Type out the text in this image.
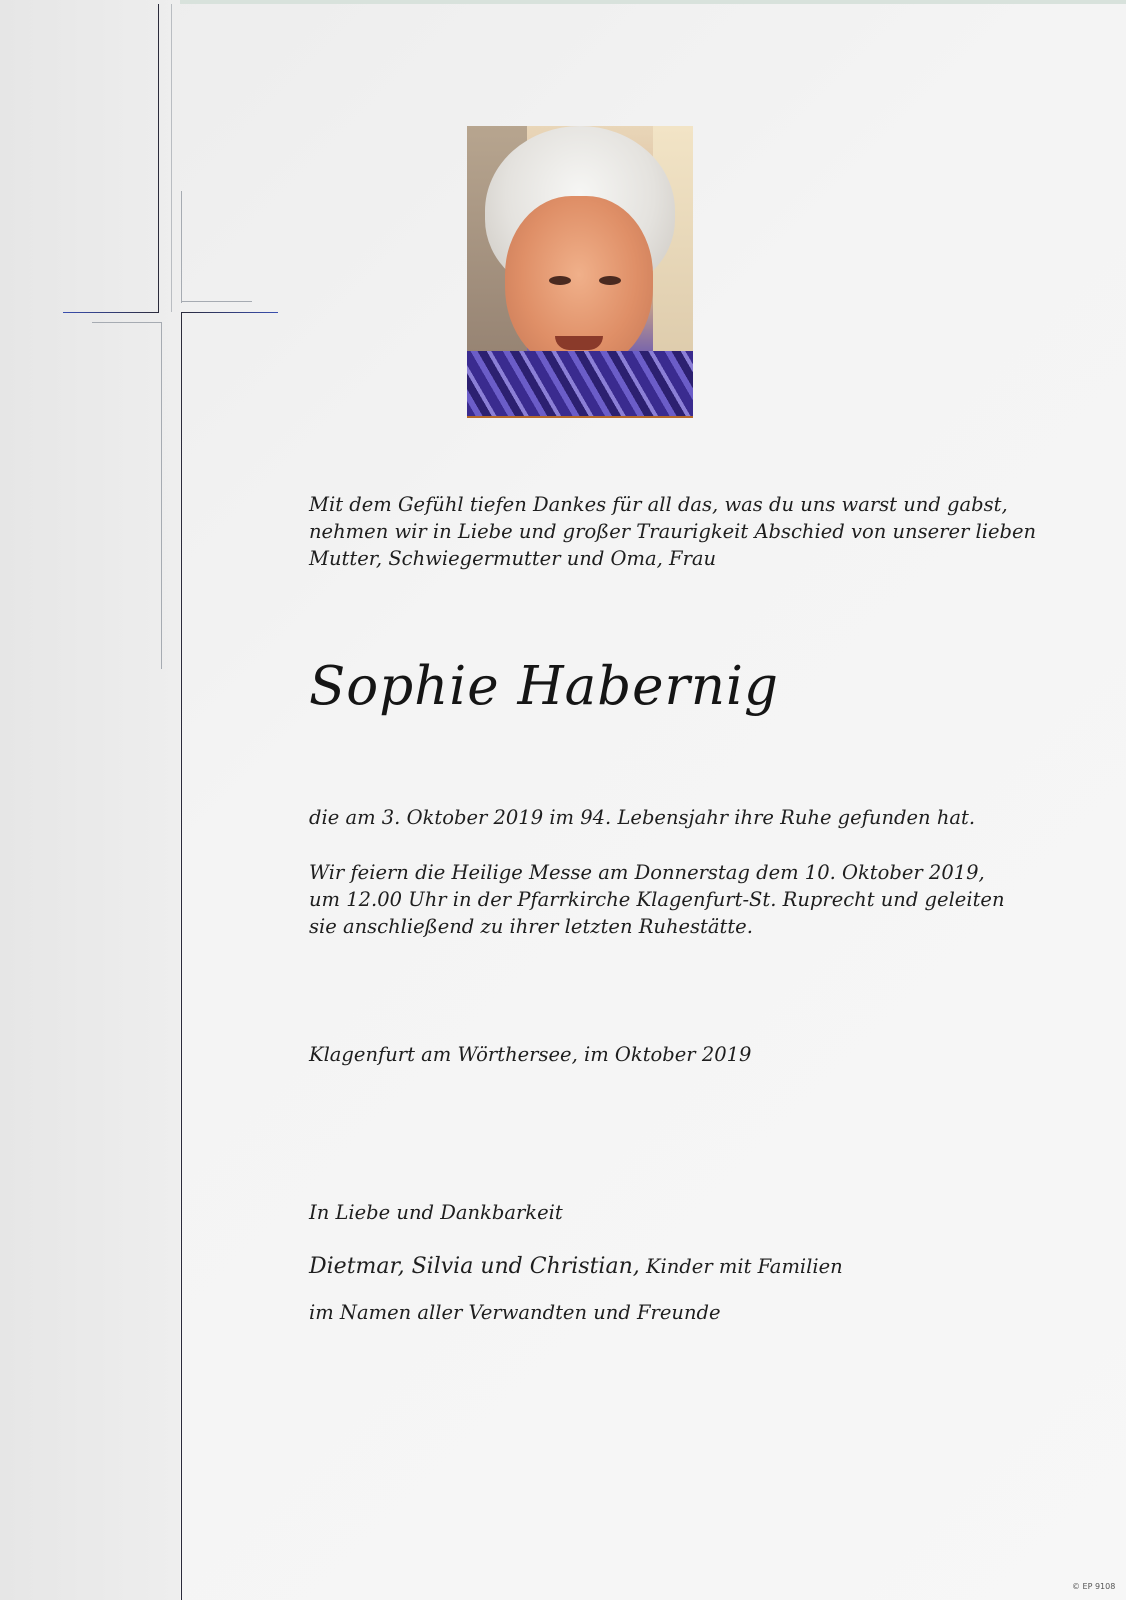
Mit dem Gefühl tiefen Dankes für all das, was du uns warst und gabst,
nehmen wir in Liebe und großer Traurigkeit Abschied von unserer lieben
Mutter, Schwiegermutter und Oma, Frau
Sophie Habernig
die am 3. Oktober 2019 im 94. Lebensjahr ihre Ruhe gefunden hat.
Wir feiern die Heilige Messe am Donnerstag dem 10. Oktober 2019,
um 12.00 Uhr in der Pfarrkirche Klagenfurt-St. Ruprecht und geleiten
sie anschließend zu ihrer letzten Ruhestätte.
Klagenfurt am Wörthersee, im Oktober 2019
In Liebe und Dankbarkeit
Dietmar, Silvia und Christian, Kinder mit Familien
im Namen aller Verwandten und Freunde
© EP 9108
